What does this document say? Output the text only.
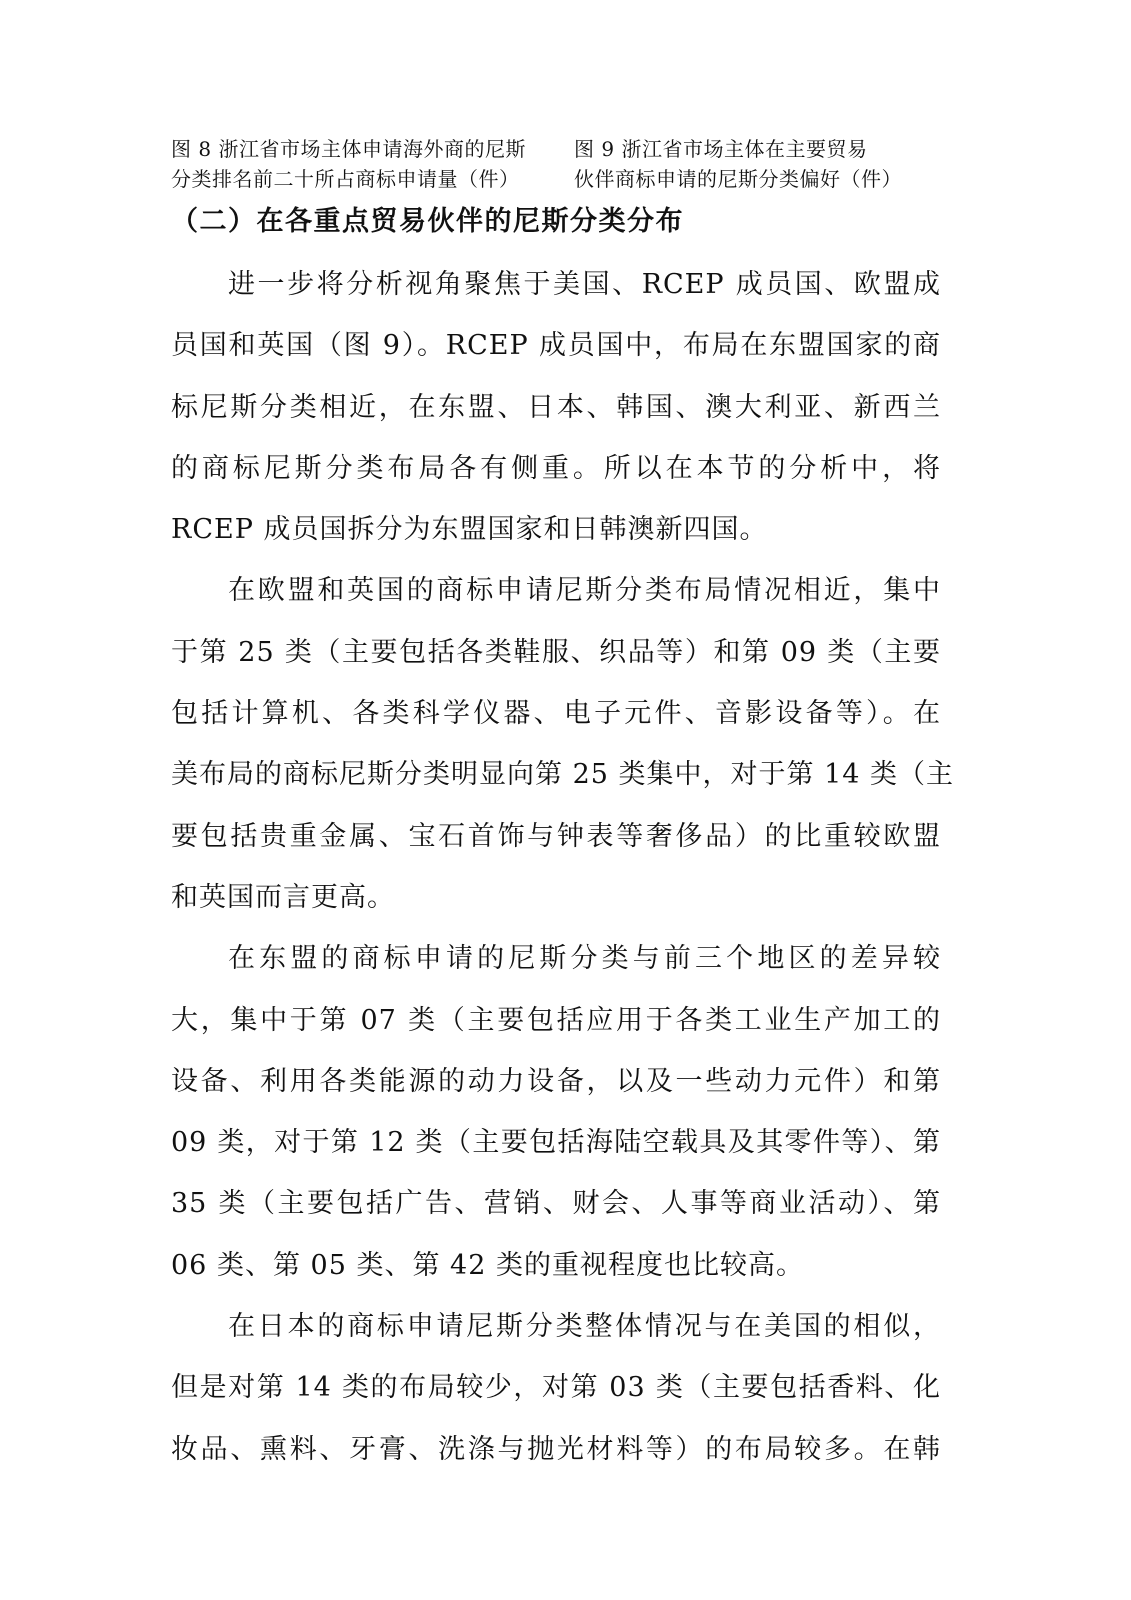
图 8 浙江省市场主体申请海外商的尼斯
分类排名前二十所占商标申请量（件）
图 9 浙江省市场主体在主要贸易
伙伴商标申请的尼斯分类偏好（件）
（二）在各重点贸易伙伴的尼斯分类分布
进一步将分析视角聚焦于美国、RCEP 成员国、欧盟成
员国和英国（图 9）。RCEP 成员国中，布局在东盟国家的商
标尼斯分类相近，在东盟、日本、韩国、澳大利亚、新西兰
的商标尼斯分类布局各有侧重。所以在本节的分析中，将
RCEP 成员国拆分为东盟国家和日韩澳新四国。
在欧盟和英国的商标申请尼斯分类布局情况相近，集中
于第 25 类（主要包括各类鞋服、织品等）和第 09 类（主要
包括计算机、各类科学仪器、电子元件、音影设备等）。在
美布局的商标尼斯分类明显向第 25 类集中，对于第 14 类（主
要包括贵重金属、宝石首饰与钟表等奢侈品）的比重较欧盟
和英国而言更高。
在东盟的商标申请的尼斯分类与前三个地区的差异较
大，集中于第 07 类（主要包括应用于各类工业生产加工的
设备、利用各类能源的动力设备，以及一些动力元件）和第
09 类，对于第 12 类（主要包括海陆空载具及其零件等）、第
35 类（主要包括广告、营销、财会、人事等商业活动）、第
06 类、第 05 类、第 42 类的重视程度也比较高。
在日本的商标申请尼斯分类整体情况与在美国的相似，
但是对第 14 类的布局较少，对第 03 类（主要包括香料、化
妆品、熏料、牙膏、洗涤与抛光材料等）的布局较多。在韩
